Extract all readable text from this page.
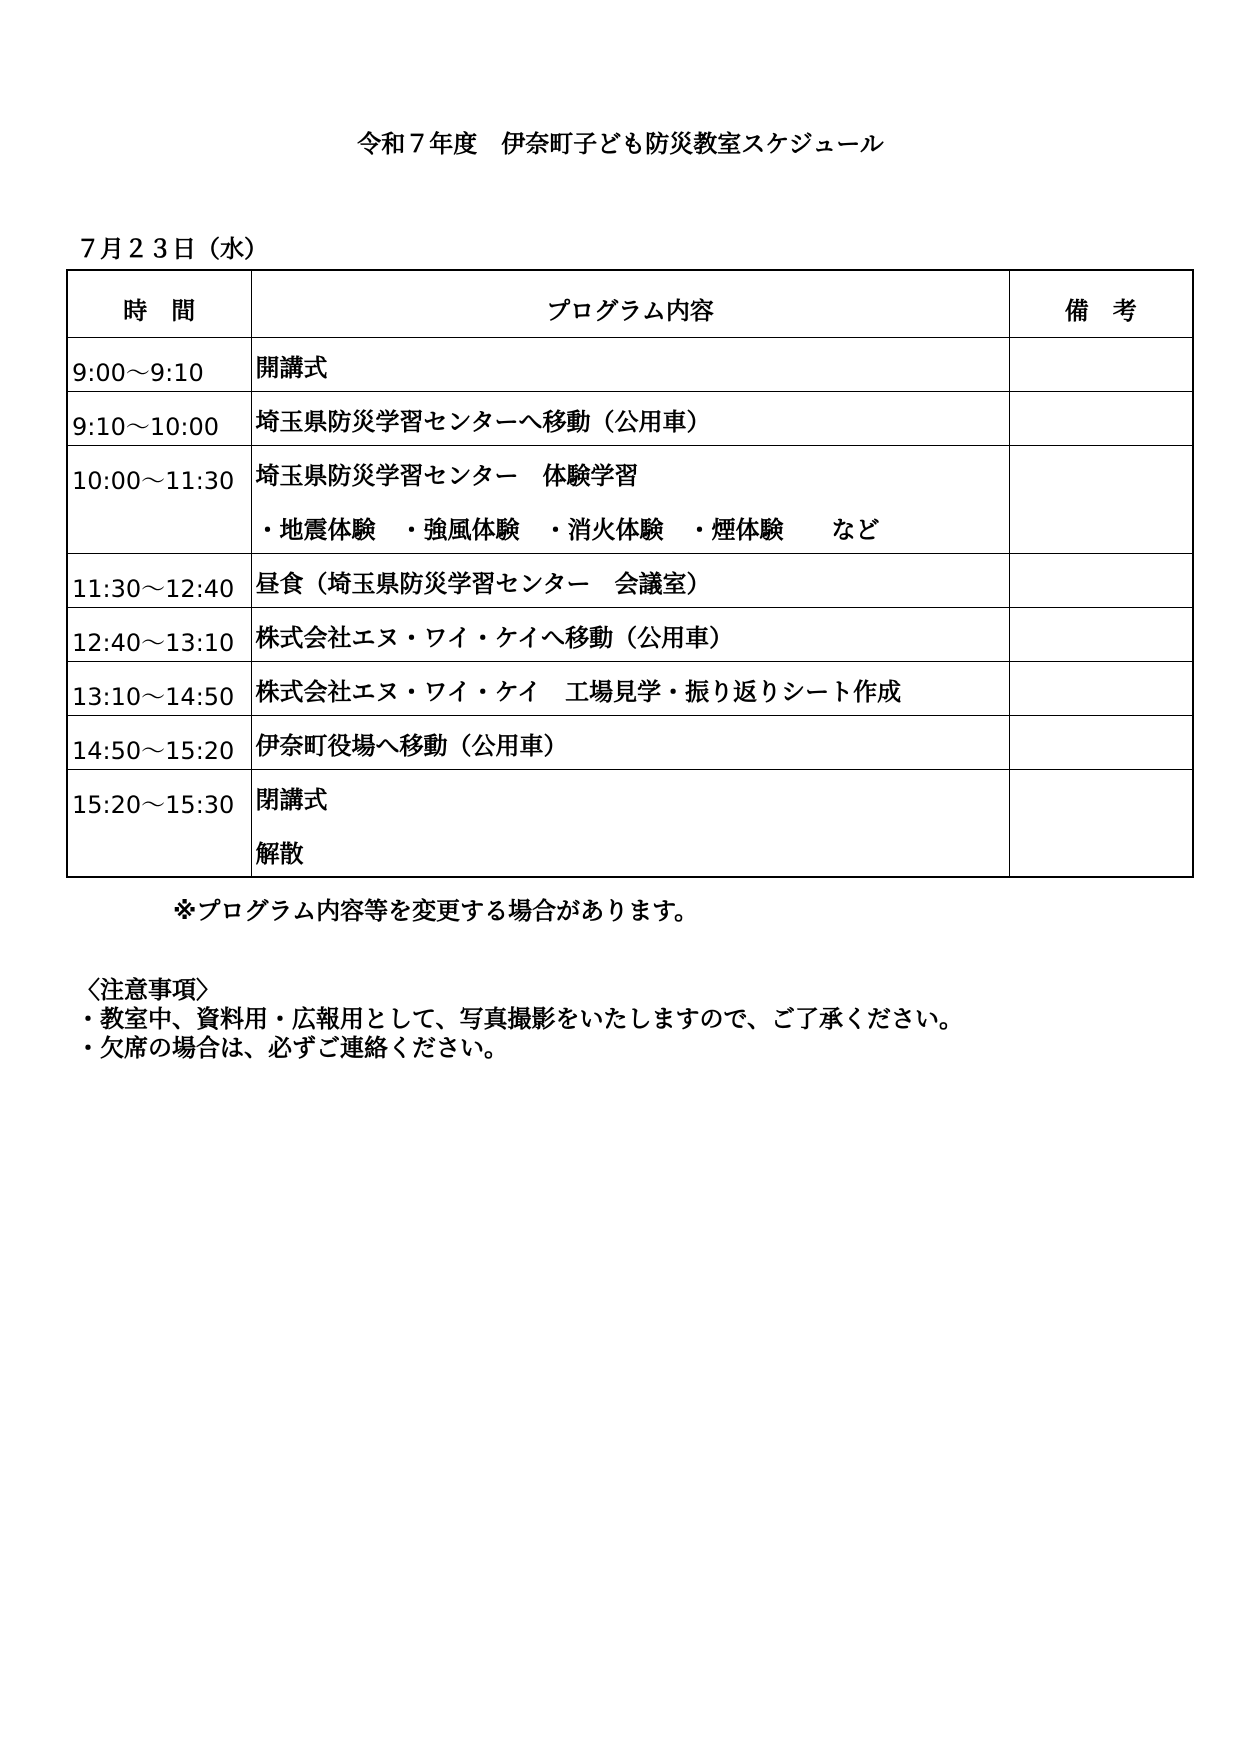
令和７年度　伊奈町子ども防災教室スケジュール
７月２３日（水）
時　間	プログラム内容	備　考
9:00～9:10	開講式	

9:10～10:00	埼玉県防災学習センターへ移動（公用車）	

10:00～11:30	埼玉県防災学習センター　体験学習
・地震体験　・強風体験　・消火体験　・煙体験　　など	

11:30～12:40	昼食（埼玉県防災学習センター　会議室）	

12:40～13:10	株式会社エヌ・ワイ・ケイへ移動（公用車）	

13:10～14:50	株式会社エヌ・ワイ・ケイ　工場見学・振り返りシート作成	

14:50～15:20	伊奈町役場へ移動（公用車）	

15:20～15:30	閉講式
解散	

※プログラム内容等を変更する場合があります。
〈注意事項〉
・教室中、資料用・広報用として、写真撮影をいたしますので、ご了承ください。
・欠席の場合は、必ずご連絡ください。
